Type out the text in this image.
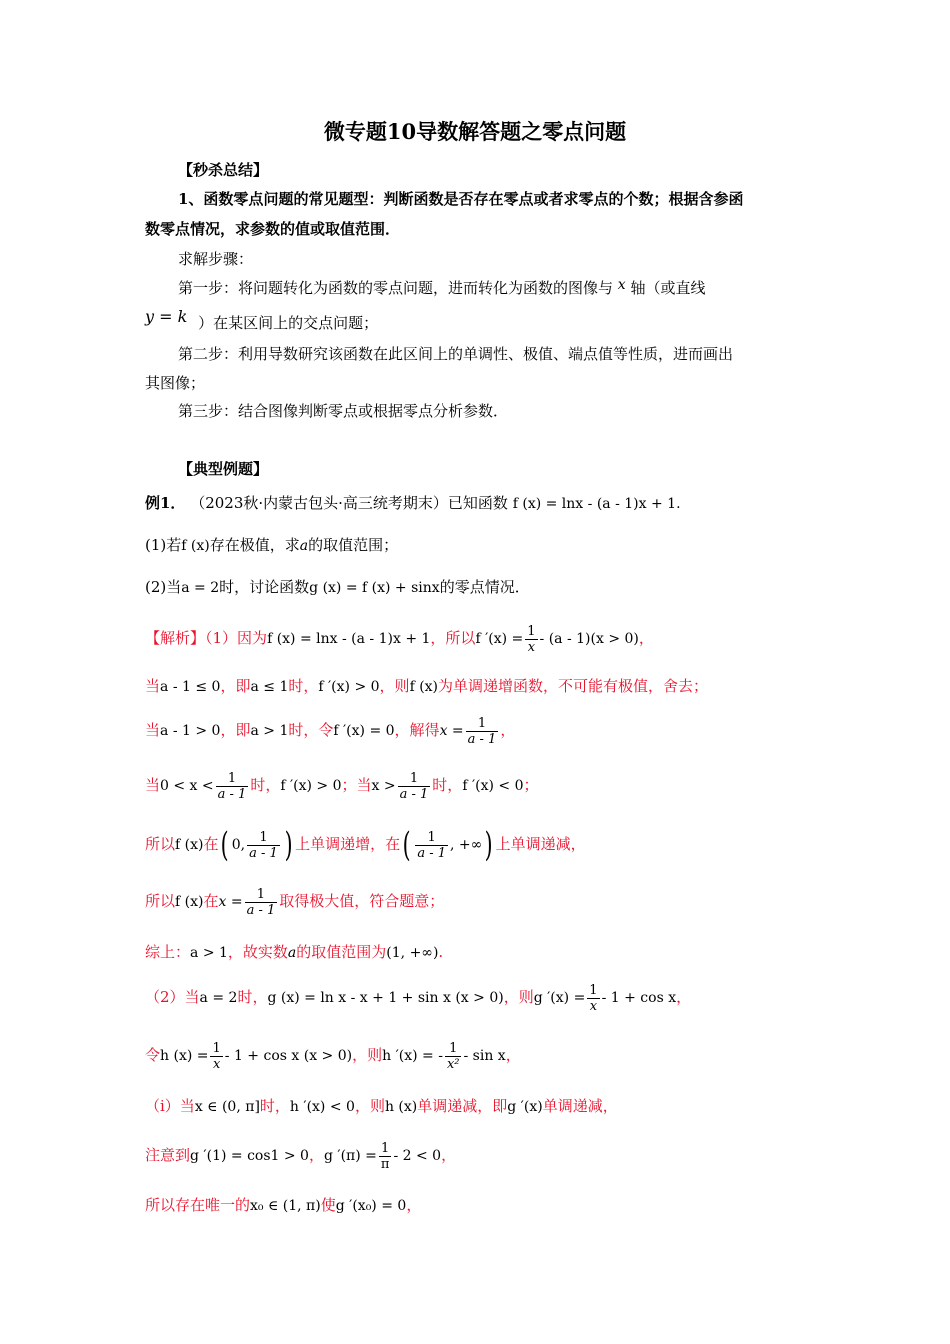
微专题10导数解答题之零点问题
【秒杀总结】
1、函数零点问题的常见题型：判断函数是否存在零点或者求零点的个数；根据含参函
数零点情况，求参数的值或取值范围．
求解步骤：
第一步：将问题转化为函数的零点问题，进而转化为函数的图像与 x 轴（或直线
y = k ）在某区间上的交点问题；
第二步：利用导数研究该函数在此区间上的单调性、极值、端点值等性质，进而画出
其图像；
第三步：结合图像判断零点或根据零点分析参数．
【典型例题】
例1． （2023秋·内蒙古包头·高三统考期末）已知函数 f (x) = lnx - (a - 1)x + 1.
(1)若f (x)存在极值，求a的取值范围；
(2)当a = 2时，讨论函数g (x) = f (x) + sinx的零点情况．
【解析】（1）因为f (x) = lnx - (a - 1)x + 1，所以f $'(x) = \frac{1}{x} - (a - 1)(x > 0)$，
当a - 1 ≤ 0，即a ≤ 1时，f ′(x) > 0，则f (x)为单调递增函数，不可能有极值，舍去；
当a - 1 > 0，即a > 1时，令f ′(x) = 0，解得$x = \frac{1}{a - 1}$ ，
当$0 < x < \frac{1}{a - 1}$ 时，f ′(x) > 0；当$x > \frac{1}{a - 1}$ 时，f ′(x) < 0；
所以f (x)在( 0, $\frac{1}{a - 1}$ ) 上单调递增，在( $\frac{1}{a - 1}$ , +∞) 上单调递减，
所以f (x)在$x = \frac{1}{a - 1}$ 取得极大值，符合题意；
综上：a > 1，故实数a的取值范围为(1, +∞).
（2）当a = 2时，g (x) = ln x - x + 1 + sin x (x > 0)，则g $'(x) = \frac{1}{x} - 1 + \cos x$，
令h $(x) = \frac{1}{x} - 1 + \cos x$ (x > 0)，则h ′(x) = - $\frac{1}{\text{x²}}$ - sin x，
（i）当x ∈ (0, π]时，h ′(x) < 0，则h (x)单调递减，即g ′(x)单调递减，
注意到g ′(1) = cos1 > 0，g $'(\pi) = \frac{1}{\pi} - 2 < 0$，
所以存在唯一的x₀ ∈ (1, π)使g ′(x₀) = 0，
